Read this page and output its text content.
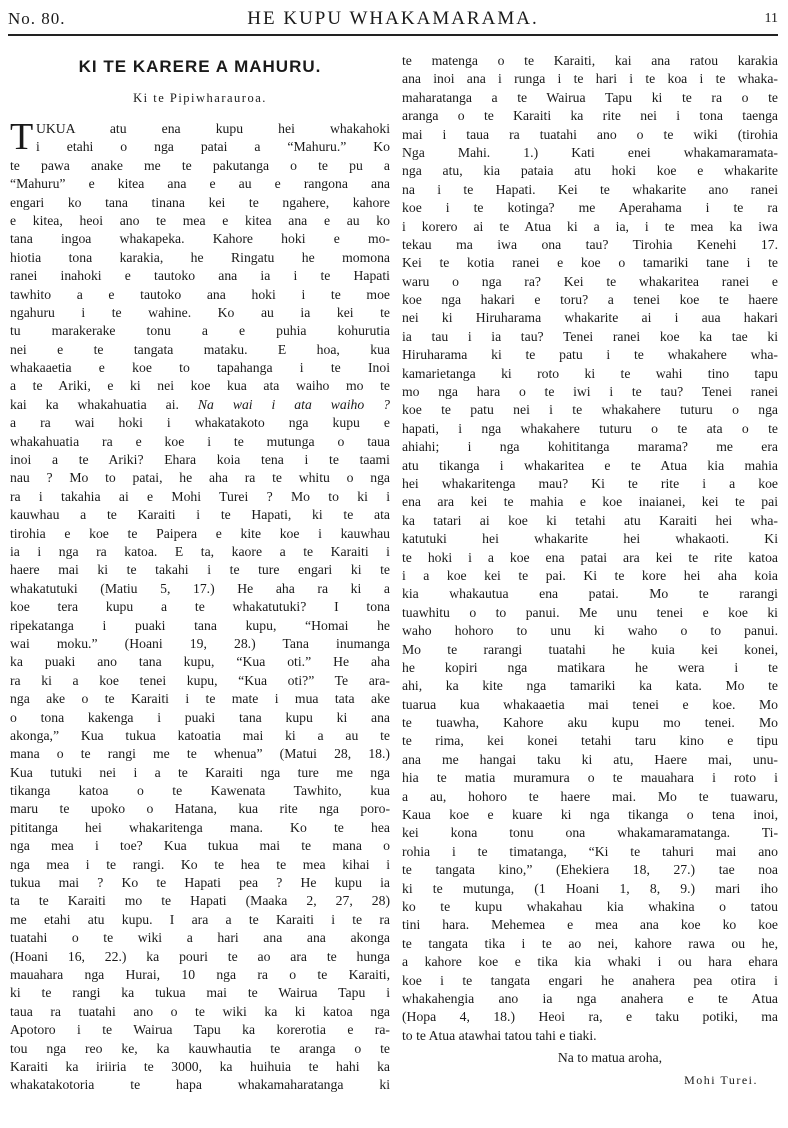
No. 80.	HE KUPU WHAKAMARAMA.	11
KI TE KARERE A MAHURU.
Ki te Pipiwharauroa.
T UKUA atu ena kupu hei whakahoki
i etahi o nga patai a “Mahuru.” Ko
te pawa anake me te pakutanga o te pu a
“Mahuru” e kitea ana e au e rangona ana
engari ko tana tinana kei te ngahere, kahore
e kitea, heoi ano te mea e kitea ana e au ko
tana ingoa whakapeka. Kahore hoki e mo-
hiotia tona karakia, he Ringatu he momona
ranei inahoki e tautoko ana ia i te Hapati
tawhito a e tautoko ana hoki i te moe
ngahuru i te wahine. Ko au ia kei te
tu marakerake tonu a e puhia kohurutia
nei e te tangata mataku. E hoa, kua
whakaaetia e koe to tapahanga i te Inoi
a te Ariki, e ki nei koe kua ata waiho mo te
kai ka whakahuatia ai. Na wai i ata waiho ?
a ra wai hoki i whakatakoto nga kupu e
whakahuatia ra e koe i te mutunga o taua
inoi a te Ariki? Ehara koia tena i te taami
nau ? Mo to patai, he aha ra te whitu o nga
ra i takahia ai e Mohi Turei ? Mo to ki i
kauwhau a te Karaiti i te Hapati, ki te ata
tirohia e koe te Paipera e kite koe i kauwhau
ia i nga ra katoa. E ta, kaore a te Karaiti i
haere mai ki te takahi i te ture engari ki te
whakatutuki (Matiu 5, 17.) He aha ra ki a
koe tera kupu a te whakatutuki? I tona
ripekatanga i puaki tana kupu, “Homai he
wai moku.” (Hoani 19, 28.) Tana inumanga
ka puaki ano tana kupu, “Kua oti.” He aha
ra ki a koe tenei kupu, “Kua oti?” Te ara-
nga ake o te Karaiti i te mate i mua tata ake
o tona kakenga i puaki tana kupu ki ana
akonga,” Kua tukua katoatia mai ki a au te
mana o te rangi me te whenua” (Matui 28, 18.)
Kua tutuki nei i a te Karaiti nga ture me nga
tikanga katoa o te Kawenata Tawhito, kua
maru te upoko o Hatana, kua rite nga poro-
pititanga hei whakaritenga mana. Ko te hea
nga mea i toe? Kua tukua mai te mana o
nga mea i te rangi. Ko te hea te mea kihai i
tukua mai ? Ko te Hapati pea ? He kupu ia
ta te Karaiti mo te Hapati (Maaka 2, 27, 28)
me etahi atu kupu. I ara a te Karaiti i te ra
tuatahi o te wiki a hari ana ana akonga
(Hoani 16, 22.) ka pouri te ao ara te hunga
mauahara nga Hurai, 10 nga ra o te Karaiti,
ki te rangi ka tukua mai te Wairua Tapu i
taua ra tuatahi ano o te wiki ka ki katoa nga
Apotoro i te Wairua Tapu ka korerotia e ra-
tou nga reo ke, ka kauwhautia te aranga o te
Karaiti ka iriiria te 3000, ka huihuia te hahi ka
whakatakotoria te hapa whakamaharatanga ki
te matenga o te Karaiti, kai ana ratou karakia
ana inoi ana i runga i te hari i te koa i te whaka-
maharatanga a te Wairua Tapu ki te ra o te
aranga o te Karaiti ka rite nei i tona taenga
mai i taua ra tuatahi ano o te wiki (tirohia
Nga Mahi. 1.) Kati enei whakamaramata-
nga atu, kia pataia atu hoki koe e whakarite
na i te Hapati. Kei te whakarite ano ranei
koe i te kotinga? me Aperahama i te ra
i korero ai te Atua ki a ia, i te mea ka iwa
tekau ma iwa ona tau? Tirohia Kenehi 17.
Kei te kotia ranei e koe o tamariki tane i te
waru o nga ra? Kei te whakaritea ranei e
koe nga hakari e toru? a tenei koe te haere
nei ki Hiruharama whakarite ai i aua hakari
ia tau i ia tau? Tenei ranei koe ka tae ki
Hiruharama ki te patu i te whakahere wha-
kamarietanga ki roto ki te wahi tino tapu
mo nga hara o te iwi i te tau? Tenei ranei
koe te patu nei i te whakahere tuturu o nga
hapati, i nga whakahere tuturu o te ata o te
ahiahi; i nga kohititanga marama? me era
atu tikanga i whakaritea e te Atua kia mahia
hei whakaritenga mau? Ki te rite i a koe
ena ara kei te mahia e koe inaianei, kei te pai
ka tatari ai koe ki tetahi atu Karaiti hei wha-
katutuki hei whakarite hei whakaoti. Ki
te hoki i a koe ena patai ara kei te rite katoa
i a koe kei te pai. Ki te kore hei aha koia
kia whakautua ena patai. Mo te rarangi
tuawhitu o to panui. Me unu tenei e koe ki
waho hohoro to unu ki waho o to panui.
Mo te rarangi tuatahi he kuia kei konei,
he kopiri nga matikara he wera i te
ahi, ka kite nga tamariki ka kata. Mo te
tuarua kua whakaaetia mai tenei e koe. Mo
te tuawha, Kahore aku kupu mo tenei. Mo
te rima, kei konei tetahi taru kino e tipu
ana me hangai taku ki atu, Haere mai, unu-
hia te matia muramura o te mauahara i roto i
a au, hohoro te haere mai. Mo te tuawaru,
Kaua koe e kuare ki nga tikanga o tena inoi,
kei kona tonu ona whakamaramatanga. Ti-
rohia i te timatanga, “Ki te tahuri mai ano
te tangata kino,” (Ehekiera 18, 27.) tae noa
ki te mutunga, (1 Hoani 1, 8, 9.) mari iho
ko te kupu whakahau kia whakina o tatou
tini hara. Mehemea e mea ana koe ko koe
te tangata tika i te ao nei, kahore rawa ou he,
a kahore koe e tika kia whaki i ou hara ehara
koe i te tangata engari he anahera pea otira i
whakahengia ano ia nga anahera e te Atua
(Hopa 4, 18.) Heoi ra, e taku potiki, ma
to te Atua atawhai tatou tahi e tiaki.
Na to matua aroha,
Mohi Turei.
